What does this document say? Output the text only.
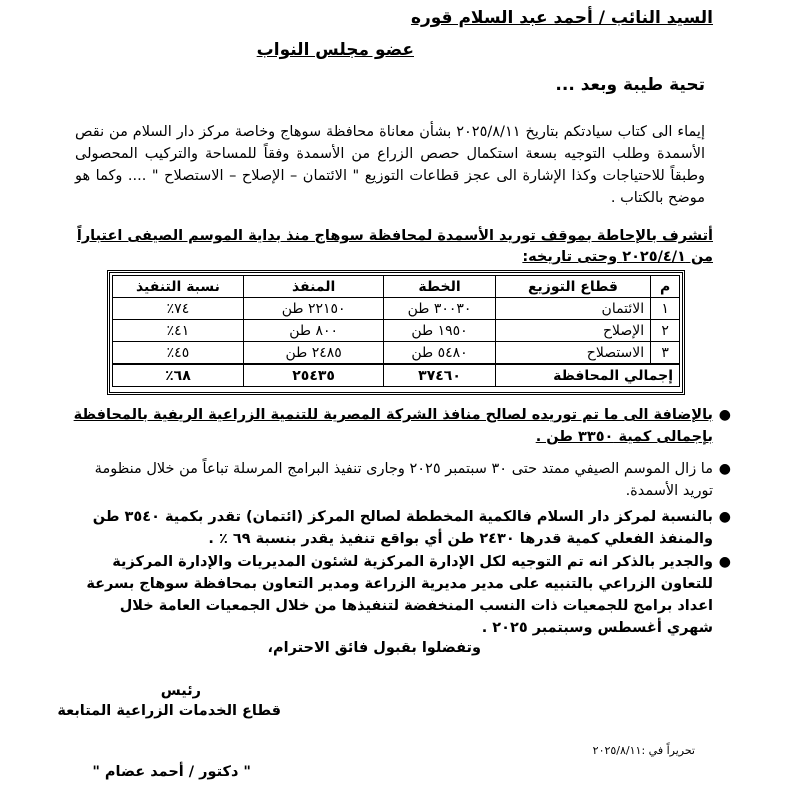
السيد النائب / أحمد عبد السلام قوره
عضو مجلس النواب
تحية طيبة وبعد ...
إيماء الى كتاب سيادتكم بتاريخ ٢٠٢٥/٨/١١ بشأن معاناة محافظة سوهاج وخاصة مركز دار السلام من نقص الأسمدة وطلب التوجيه بسعة استكمال حصص الزراع من الأسمدة وفقاً للمساحة والتركيب المحصولى وطبقاً للاحتياجات وكذا الإشارة الى عجز قطاعات التوزيع " الائتمان – الإصلاح – الاستصلاح " .... وكما هو موضح بالكتاب .
أتشرف بالإحاطة بموقف توريد الأسمدة لمحافظة سوهاج منذ بداية الموسم الصيفى اعتباراً من ٢٠٢٥/٤/١ وحتى تاريخه:
م	قطاع التوزيع	الخطة	المنفذ	نسبة التنفيذ
١	الائتمان	٣٠٠٣٠ طن	٢٢١٥٠ طن	٧٤٪
٢	الإصلاح	١٩٥٠ طن	٨٠٠ طن	٤١٪
٣	الاستصلاح	٥٤٨٠ طن	٢٤٨٥ طن	٤٥٪
إجمالي المحافظة		٣٧٤٦٠	٢٥٤٣٥	٦٨٪
●
بالإضافة الى ما تم توريده لصالح منافذ الشركة المصرية للتنمية الزراعية الريفية بالمحافظة بإجمالى كمية ٣٣٥٠ طن .
●
ما زال الموسم الصيفي ممتد حتى ٣٠ سبتمبر ٢٠٢٥ وجارى تنفيذ البرامج المرسلة تباعاً من خلال منظومة توريد الأسمدة.
●
بالنسبة لمركز دار السلام فالكمية المخططة لصالح المركز (ائتمان) تقدر بكمية ٣٥٤٠ طن والمنفذ الفعلي كمية قدرها ٢٤٣٠ طن أي بواقع تنفيذ يقدر بنسبة ٦٩ ٪ .
●
والجدير بالذكر انه تم التوجيه لكل الإدارة المركزية لشئون المديريات والإدارة المركزية للتعاون الزراعي بالتنبيه على مدير مديرية الزراعة ومدير التعاون بمحافظة سوهاج بسرعة اعداد برامج للجمعيات ذات النسب المنخفضة لتنفيذها من خلال الجمعيات العامة خلال شهري أغسطس وسبتمبر ٢٠٢٥ .
وتفضلوا بقبول فائق الاحترام،
رئيس
قطاع الخدمات الزراعية المتابعة
تحريراً في :٢٠٢٥/٨/١١
" دكتور / أحمد عضام "
